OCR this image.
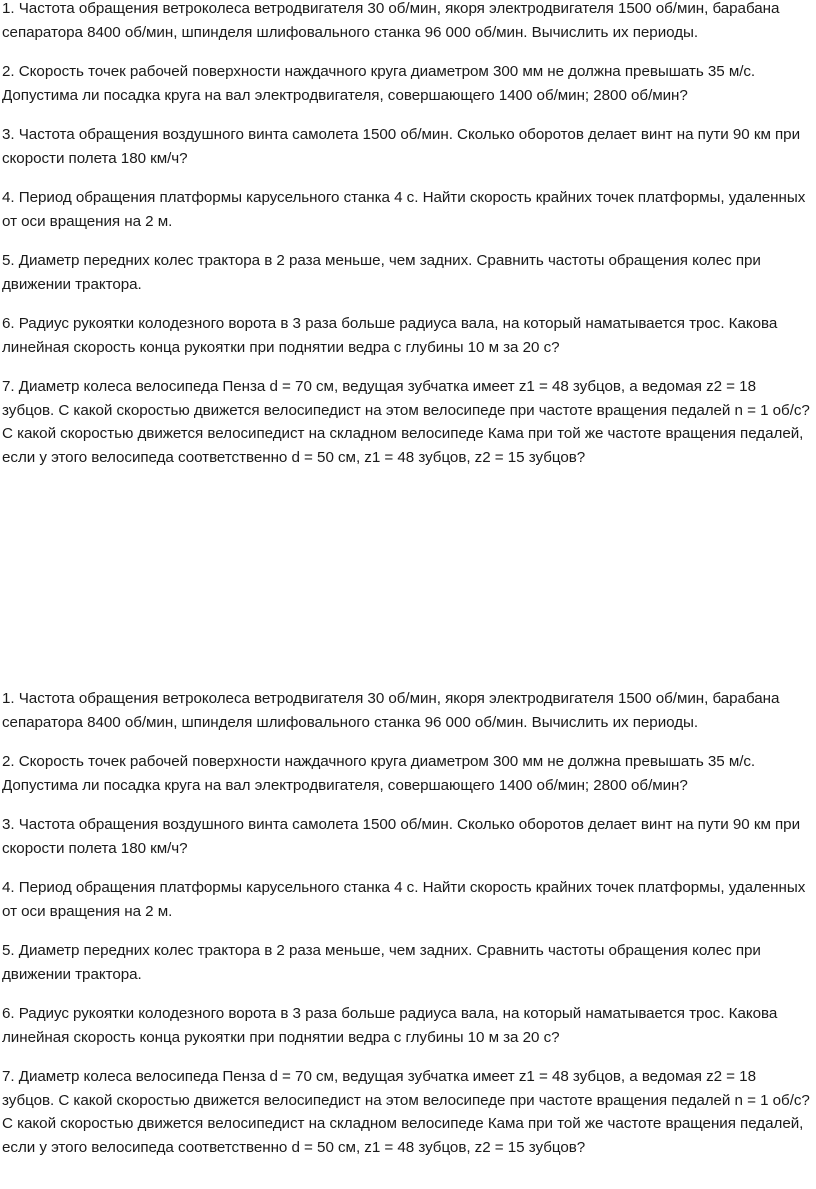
1. Частота обращения ветроколеса ветродвигателя 30 об/мин, якоря электродвигателя 1500 об/мин, барабана сепаратора 8400 об/мин, шпинделя шлифовального станка 96 000 об/мин. Вычислить их периоды.

2. Скорость точек рабочей поверхности наждачного круга диаметром 300 мм не должна превышать 35 м/с. Допустима ли посадка круга на вал электродвигателя, совершающего 1400 об/мин; 2800 об/мин?

3. Частота обращения воздушного винта самолета 1500 об/мин. Сколько оборотов делает винт на пути 90 км при скорости полета 180 км/ч?

4. Период обращения платформы карусельного станка 4 с. Найти скорость крайних точек платформы, удаленных от оси вращения на 2 м.

5. Диаметр передних колес трактора в 2 раза меньше, чем задних. Сравнить частоты обращения колес при движении трактора.

6. Радиус рукоятки колодезного ворота в 3 раза больше радиуса вала, на который наматывается трос. Какова линейная скорость конца рукоятки при поднятии ведра с глубины 10 м за 20 с?

7. Диаметр колеса велосипеда Пенза d = 70 см, ведущая зубчатка имеет z1 = 48 зубцов, а ведомая z2 = 18 зубцов. С какой скоростью движется велосипедист на этом велосипеде при частоте вращения педалей n = 1 об/с? С какой скоростью движется велосипедист на складном велосипеде Кама при той же частоте вращения педалей, если у этого велосипеда соответственно d = 50 см, z1 = 48 зубцов, z2 = 15 зубцов?

1. Частота обращения ветроколеса ветродвигателя 30 об/мин, якоря электродвигателя 1500 об/мин, барабана сепаратора 8400 об/мин, шпинделя шлифовального станка 96 000 об/мин. Вычислить их периоды.

2. Скорость точек рабочей поверхности наждачного круга диаметром 300 мм не должна превышать 35 м/с. Допустима ли посадка круга на вал электродвигателя, совершающего 1400 об/мин; 2800 об/мин?

3. Частота обращения воздушного винта самолета 1500 об/мин. Сколько оборотов делает винт на пути 90 км при скорости полета 180 км/ч?

4. Период обращения платформы карусельного станка 4 с. Найти скорость крайних точек платформы, удаленных от оси вращения на 2 м.

5. Диаметр передних колес трактора в 2 раза меньше, чем задних. Сравнить частоты обращения колес при движении трактора.

6. Радиус рукоятки колодезного ворота в 3 раза больше радиуса вала, на который наматывается трос. Какова линейная скорость конца рукоятки при поднятии ведра с глубины 10 м за 20 с?

7. Диаметр колеса велосипеда Пенза d = 70 см, ведущая зубчатка имеет z1 = 48 зубцов, а ведомая z2 = 18 зубцов. С какой скоростью движется велосипедист на этом велосипеде при частоте вращения педалей n = 1 об/с? С какой скоростью движется велосипедист на складном велосипеде Кама при той же частоте вращения педалей, если у этого велосипеда соответственно d = 50 см, z1 = 48 зубцов, z2 = 15 зубцов?
